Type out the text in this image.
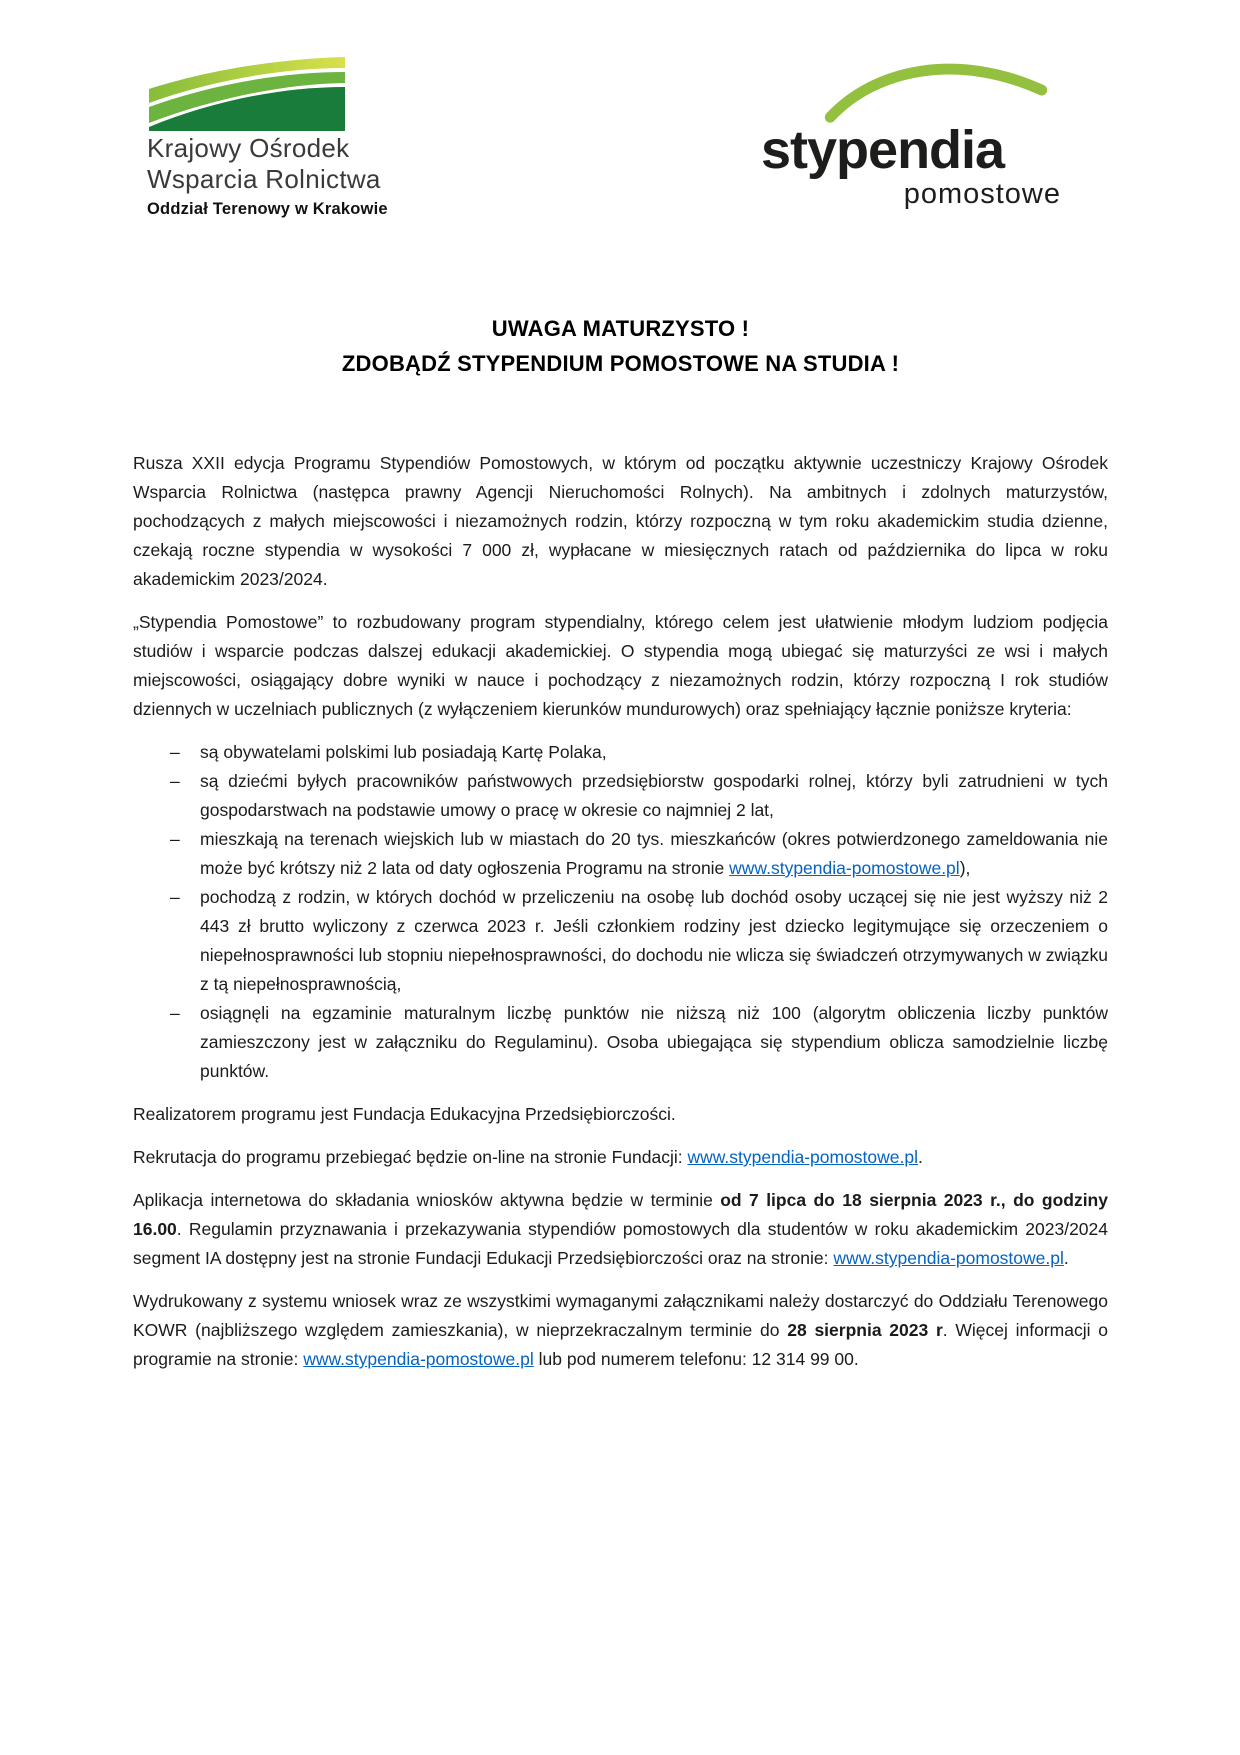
Krajowy Ośrodek
Wsparcia Rolnictwa
Oddział Terenowy w Krakowie
stypendia
pomostowe
UWAGA MATURZYSTO !
ZDOBĄDŹ STYPENDIUM POMOSTOWE NA STUDIA !

Rusza XXII edycja Programu Stypendiów Pomostowych, w którym od początku aktywnie uczestniczy Krajowy Ośrodek Wsparcia Rolnictwa (następca prawny Agencji Nieruchomości Rolnych). Na ambitnych i zdolnych maturzystów, pochodzących z małych miejscowości i niezamożnych rodzin, którzy rozpoczną w tym roku akademickim studia dzienne, czekają roczne stypendia w wysokości 7 000 zł, wypłacane w miesięcznych ratach od października do lipca w roku akademickim 2023/2024.

„Stypendia Pomostowe” to rozbudowany program stypendialny, którego celem jest ułatwienie młodym ludziom podjęcia studiów i wsparcie podczas dalszej edukacji akademickiej. O stypendia mogą ubiegać się maturzyści ze wsi i małych miejscowości, osiągający dobre wyniki w nauce i pochodzący z niezamożnych rodzin, którzy rozpoczną I rok studiów dziennych w uczelniach publicznych (z wyłączeniem kierunków mundurowych) oraz spełniający łącznie poniższe kryteria:

–	są obywatelami polskimi lub posiadają Kartę Polaka,
–	są dziećmi byłych pracowników państwowych przedsiębiorstw gospodarki rolnej, którzy byli zatrudnieni w tych gospodarstwach na podstawie umowy o pracę w okresie co najmniej 2 lat,
–	mieszkają na terenach wiejskich lub w miastach do 20 tys. mieszkańców (okres potwierdzonego zameldowania nie może być krótszy niż 2 lata od daty ogłoszenia Programu na stronie www.stypendia-pomostowe.pl),
–	pochodzą z rodzin, w których dochód w przeliczeniu na osobę lub dochód osoby uczącej się nie jest wyższy niż 2 443 zł brutto wyliczony z czerwca 2023 r. Jeśli członkiem rodziny jest dziecko legitymujące się orzeczeniem o niepełnosprawności lub stopniu niepełnosprawności, do dochodu nie wlicza się świadczeń otrzymywanych w związku z tą niepełnosprawnością,
–	osiągnęli na egzaminie maturalnym liczbę punktów nie niższą niż 100 (algorytm obliczenia liczby punktów zamieszczony jest w załączniku do Regulaminu). Osoba ubiegająca się stypendium oblicza samodzielnie liczbę punktów.

Realizatorem programu jest Fundacja Edukacyjna Przedsiębiorczości.

Rekrutacja do programu przebiegać będzie on-line na stronie Fundacji: www.stypendia-pomostowe.pl.

Aplikacja internetowa do składania wniosków aktywna będzie w terminie od 7 lipca do 18 sierpnia 2023 r., do godziny 16.00. Regulamin przyznawania i przekazywania stypendiów pomostowych dla studentów w roku akademickim 2023/2024 segment IA dostępny jest na stronie Fundacji Edukacji Przedsiębiorczości oraz na stronie: www.stypendia-pomostowe.pl.

Wydrukowany z systemu wniosek wraz ze wszystkimi wymaganymi załącznikami należy dostarczyć do Oddziału Terenowego KOWR (najbliższego względem zamieszkania), w nieprzekraczalnym terminie do 28 sierpnia 2023 r. Więcej informacji o programie na stronie: www.stypendia-pomostowe.pl lub pod numerem telefonu: 12 314 99 00.
